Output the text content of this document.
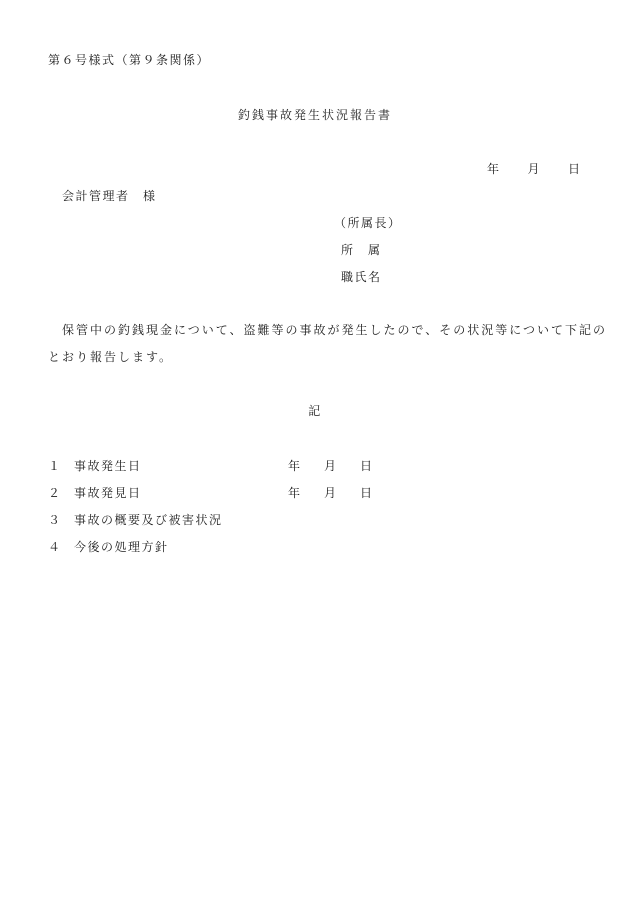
第６号様式（第９条関係）
釣銭事故発生状況報告書
年　　月　　日
会計管理者　様
（所属長）
所　属
職氏名
保管中の釣銭現金について、盗難等の事故が発生したので、その状況等について下記の
とおり報告します。
記
１ 事故発生日	年　　月　　日
２ 事故発見日	年　　月　　日
３ 事故の概要及び被害状況
４ 今後の処理方針
